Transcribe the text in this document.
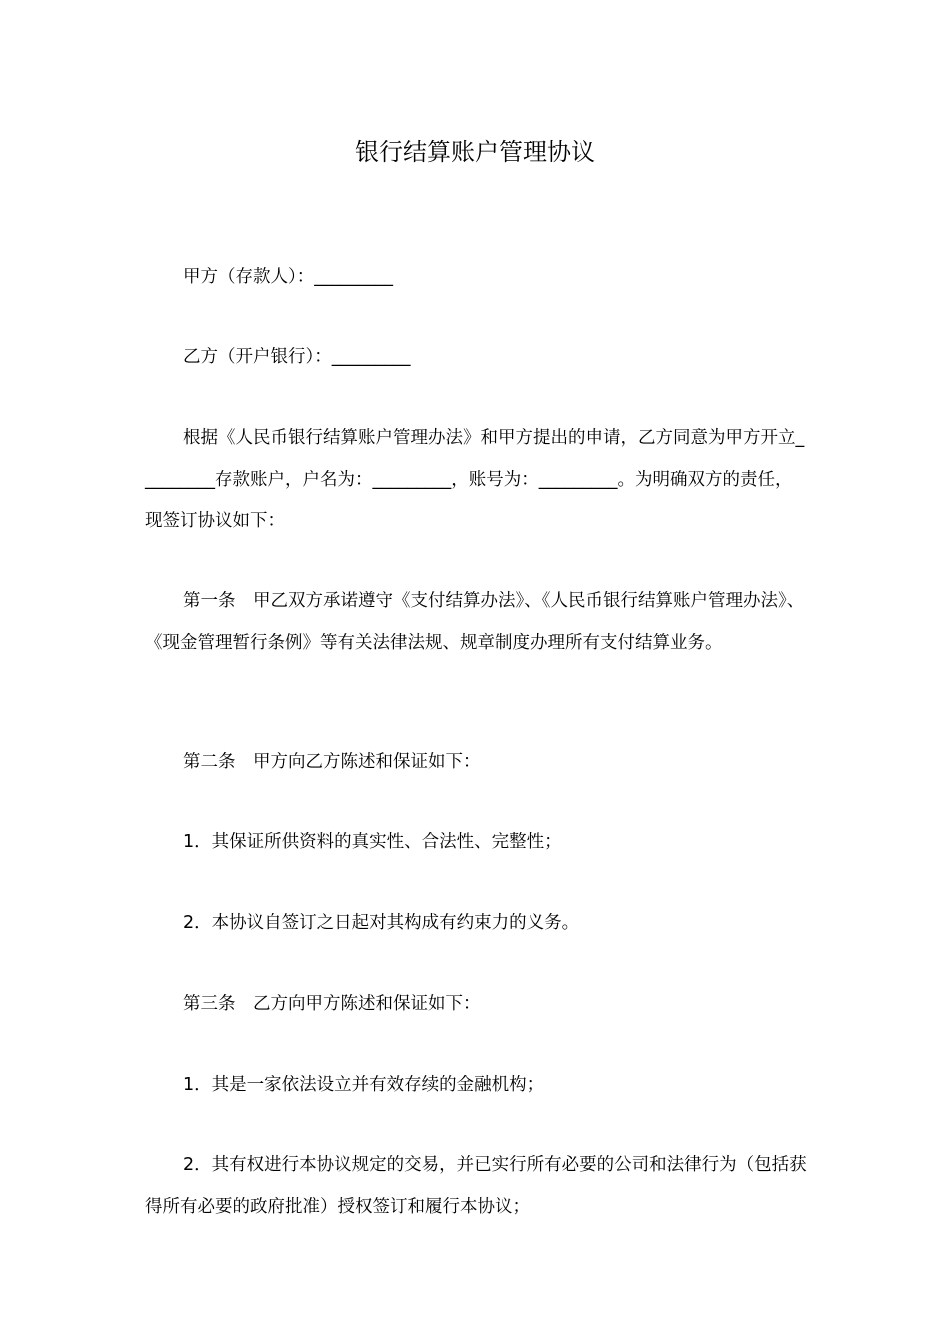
银行结算账户管理协议

甲方（存款人）：_________

乙方（开户银行）：_________

根据《人民币银行结算账户管理办法》和甲方提出的申请，乙方同意为甲方开立_________存款账户，户名为：_________，账号为：_________。为明确双方的责任，现签订协议如下：

第一条　甲乙双方承诺遵守《支付结算办法》、《人民币银行结算账户管理办法》、《现金管理暂行条例》等有关法律法规、规章制度办理所有支付结算业务。

第二条　甲方向乙方陈述和保证如下：

1．其保证所供资料的真实性、合法性、完整性；

2．本协议自签订之日起对其构成有约束力的义务。

第三条　乙方向甲方陈述和保证如下：

1．其是一家依法设立并有效存续的金融机构；

2．其有权进行本协议规定的交易，并已实行所有必要的公司和法律行为（包括获得所有必要的政府批准）授权签订和履行本协议；
